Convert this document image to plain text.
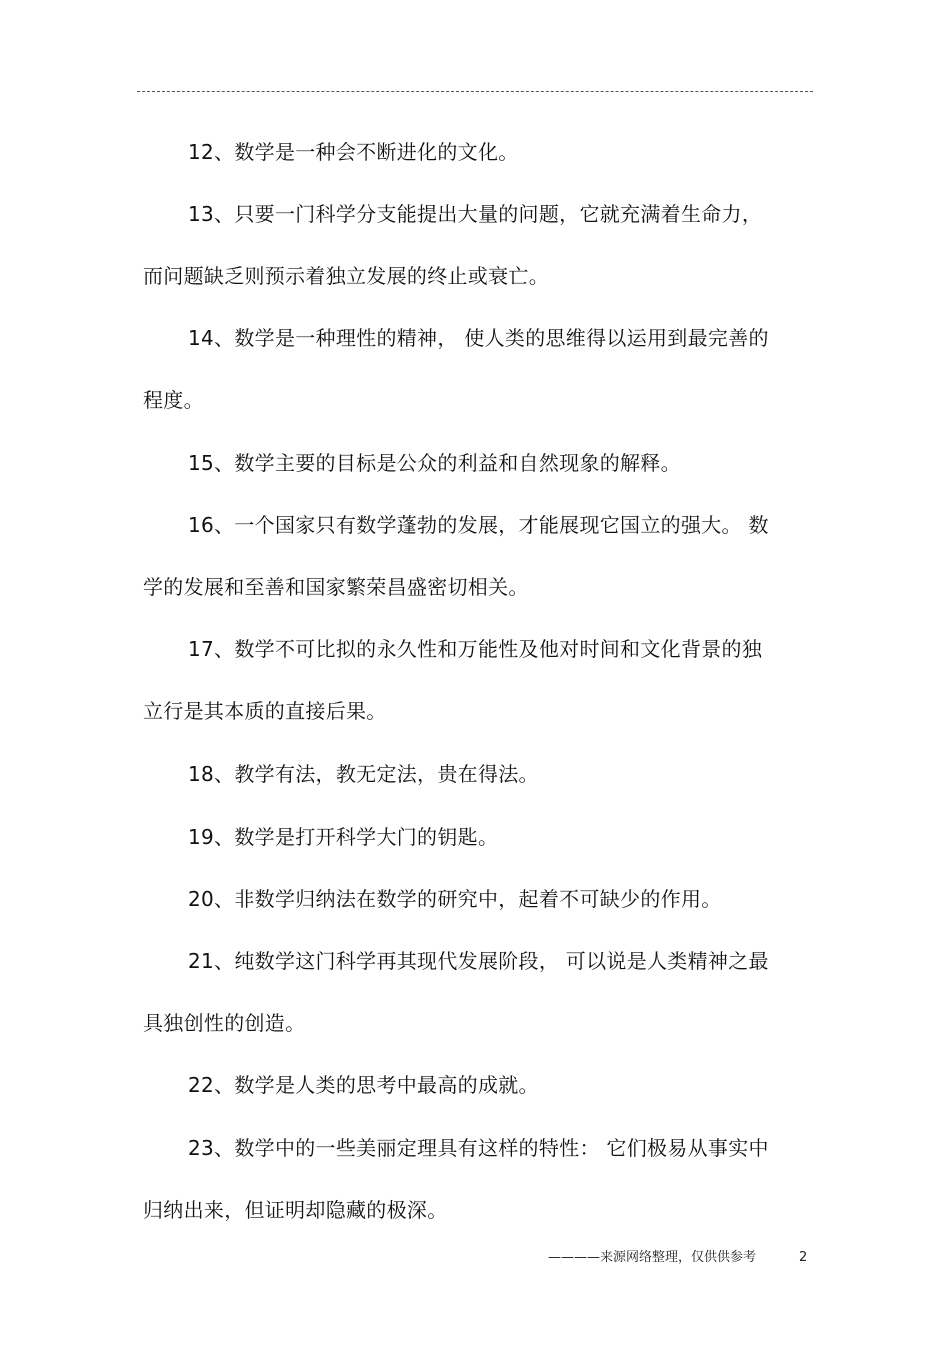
12、数学是一种会不断进化的文化。
13、只要一门科学分支能提出大量的问题，它就充满着生命力，
而问题缺乏则预示着独立发展的终止或衰亡。
14、数学是一种理性的精神， 使人类的思维得以运用到最完善的
程度。
15、数学主要的目标是公众的利益和自然现象的解释。
16、一个国家只有数学蓬勃的发展，才能展现它国立的强大。 数
学的发展和至善和国家繁荣昌盛密切相关。
17、数学不可比拟的永久性和万能性及他对时间和文化背景的独
立行是其本质的直接后果。
18、教学有法，教无定法，贵在得法。
19、数学是打开科学大门的钥匙。
20、非数学归纳法在数学的研究中，起着不可缺少的作用。
21、纯数学这门科学再其现代发展阶段， 可以说是人类精神之最
具独创性的创造。
22、数学是人类的思考中最高的成就。
23、数学中的一些美丽定理具有这样的特性： 它们极易从事实中
归纳出来，但证明却隐藏的极深。
————来源网络整理，仅供供参考	2
